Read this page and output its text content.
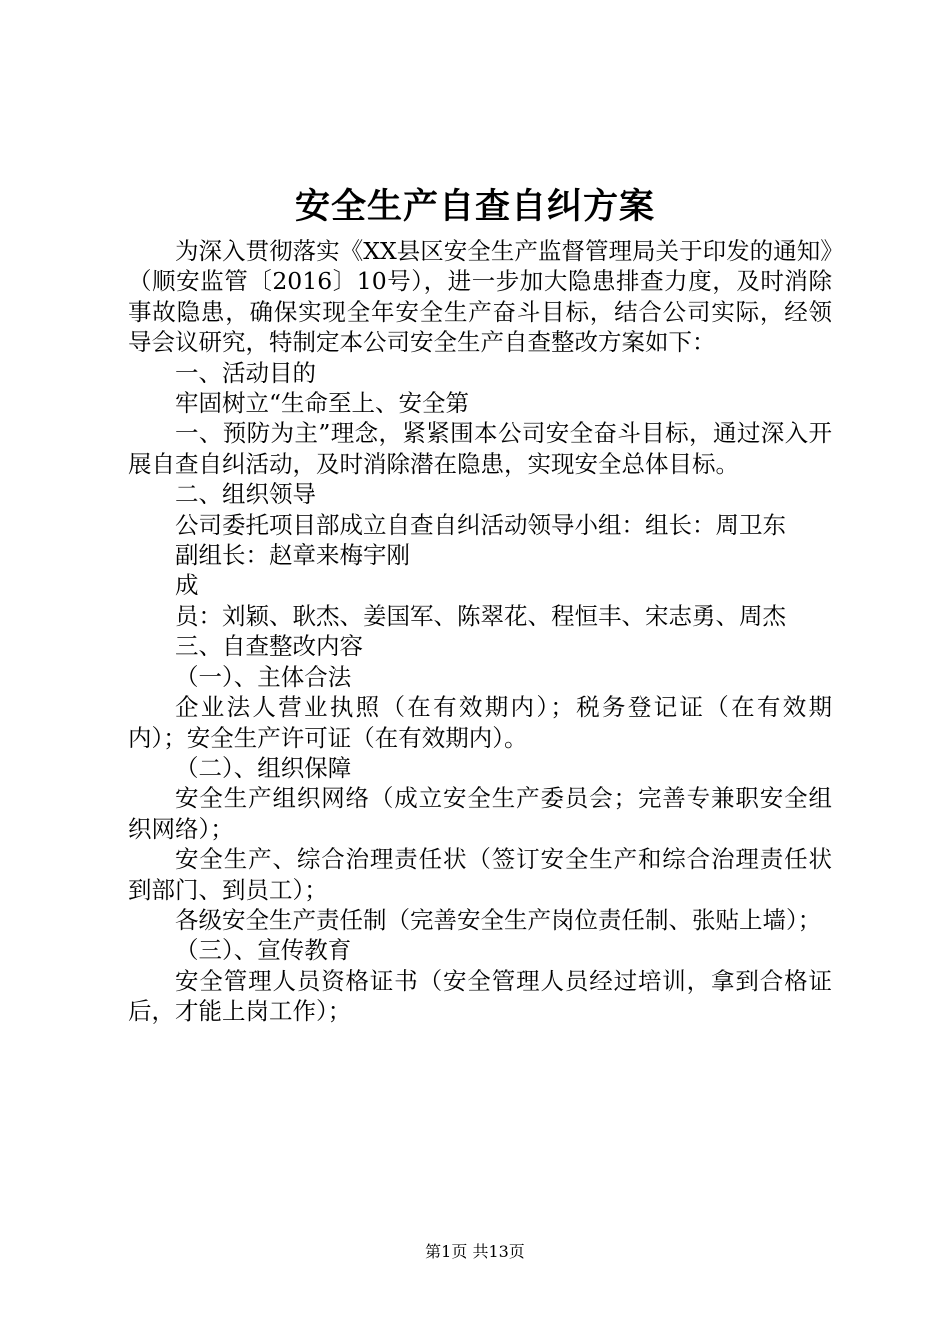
安全生产自查自纠方案

为深入贯彻落实《XX县区安全生产监督管理局关于印发的通知》（顺安监管〔2016〕10号），进一步加大隐患排查力度，及时消除事故隐患，确保实现全年安全生产奋斗目标，结合公司实际，经领导会议研究，特制定本公司安全生产自查整改方案如下：

一、活动目的

牢固树立“生命至上、安全第

一、预防为主”理念，紧紧围本公司安全奋斗目标，通过深入开展自查自纠活动，及时消除潜在隐患，实现安全总体目标。

二、组织领导

公司委托项目部成立自查自纠活动领导小组：组长：周卫东

副组长：赵章来梅宇刚

成

员：刘颖、耿杰、姜国军、陈翠花、程恒丰、宋志勇、周杰

三、自查整改内容

（一）、主体合法

企业法人营业执照（在有效期内）；税务登记证（在有效期内）；安全生产许可证（在有效期内）。

（二）、组织保障

安全生产组织网络（成立安全生产委员会；完善专兼职安全组织网络）；

安全生产、综合治理责任状（签订安全生产和综合治理责任状到部门、到员工）；

各级安全生产责任制（完善安全生产岗位责任制、张贴上墙）；

（三）、宣传教育

安全管理人员资格证书（安全管理人员经过培训，拿到合格证后，才能上岗工作）；

第1页 共13页
